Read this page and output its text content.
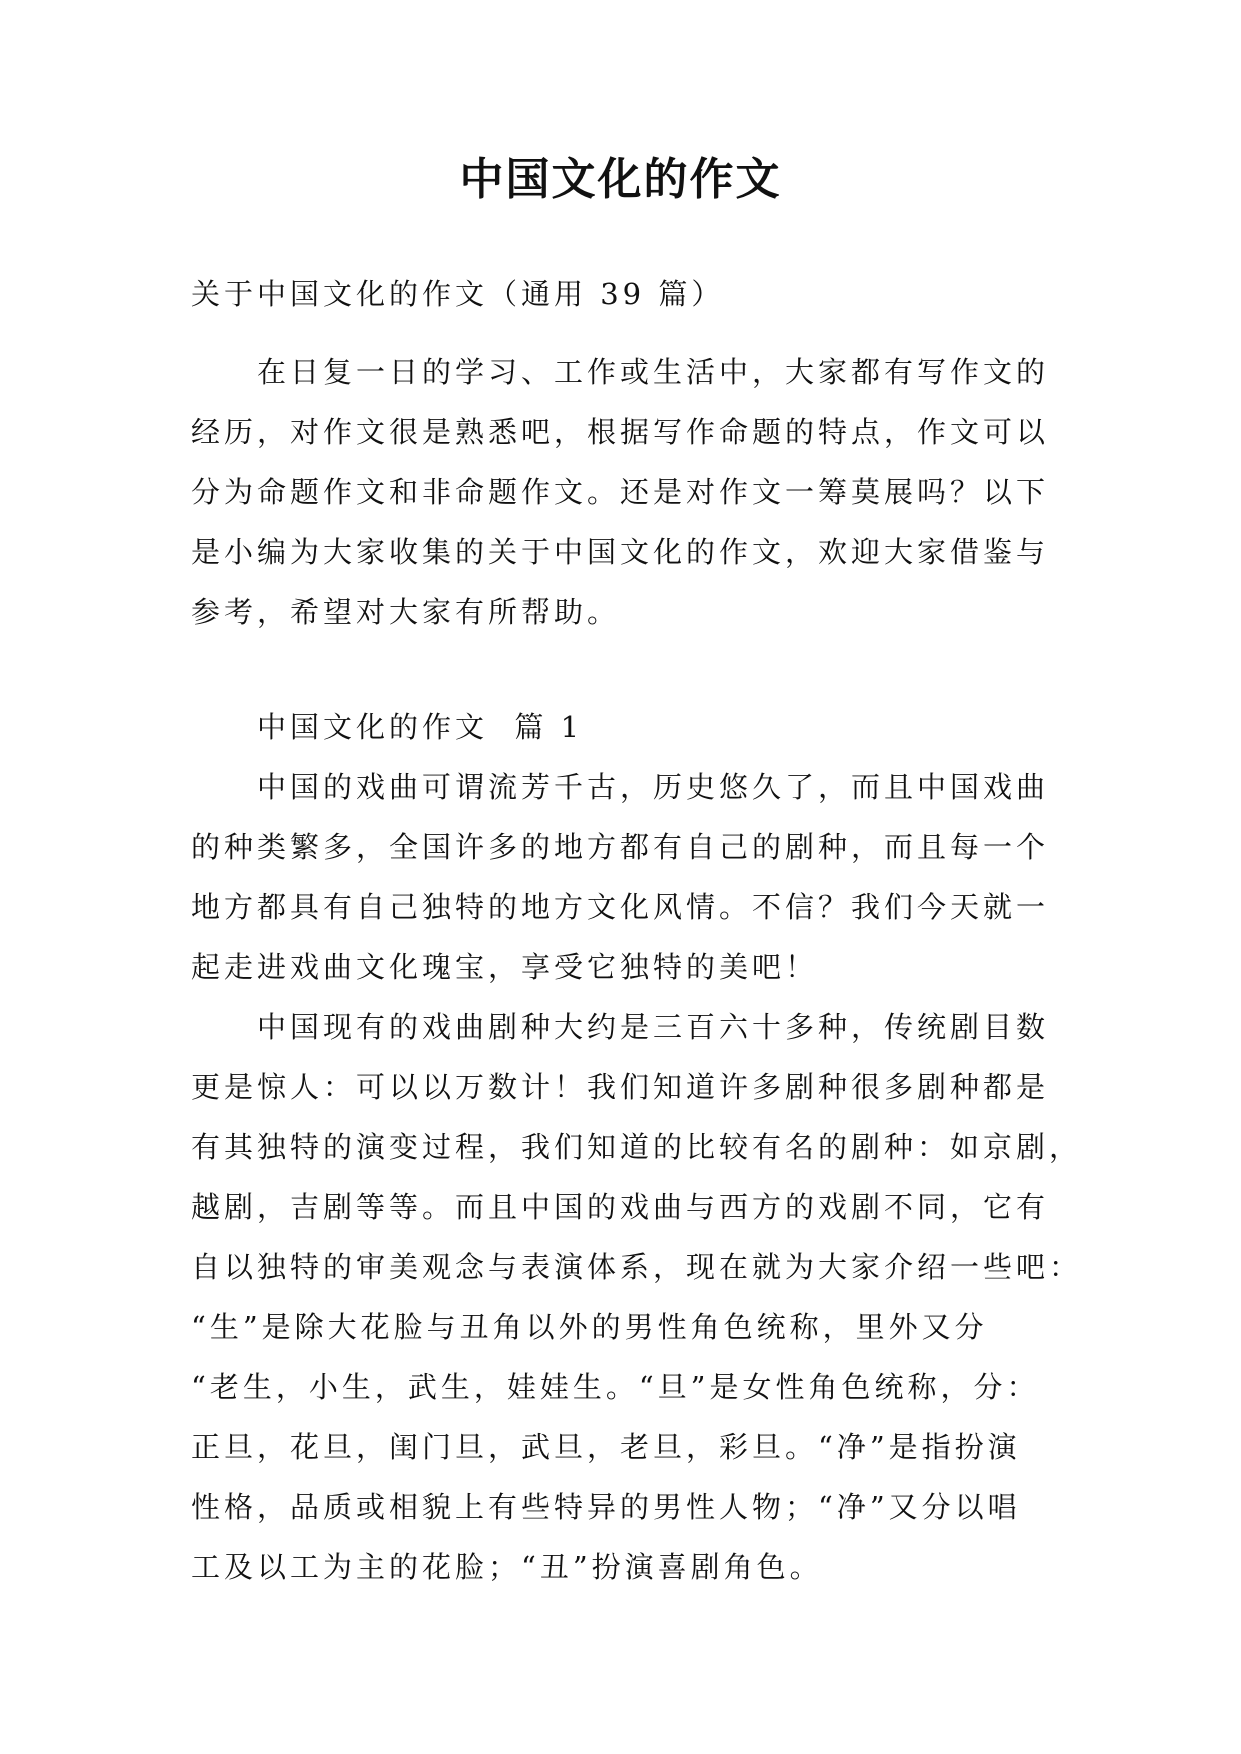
中国文化的作文
关于中国文化的作文（通用 39 篇）
在日复一日的学习、工作或生活中，大家都有写作文的
经历，对作文很是熟悉吧，根据写作命题的特点，作文可以
分为命题作文和非命题作文。还是对作文一筹莫展吗？以下
是小编为大家收集的关于中国文化的作文，欢迎大家借鉴与
参考，希望对大家有所帮助。
中国文化的作文  篇 1
中国的戏曲可谓流芳千古，历史悠久了，而且中国戏曲
的种类繁多，全国许多的地方都有自己的剧种，而且每一个
地方都具有自己独特的地方文化风情。不信？我们今天就一
起走进戏曲文化瑰宝，享受它独特的美吧！
中国现有的戏曲剧种大约是三百六十多种，传统剧目数
更是惊人：可以以万数计！我们知道许多剧种很多剧种都是
有其独特的演变过程，我们知道的比较有名的剧种：如京剧，
越剧，吉剧等等。而且中国的戏曲与西方的戏剧不同，它有
自以独特的审美观念与表演体系，现在就为大家介绍一些吧：
“生”是除大花脸与丑角以外的男性角色统称，里外又分
“老生，小生，武生，娃娃生。“旦”是女性角色统称，分：
正旦，花旦，闺门旦，武旦，老旦，彩旦。“净”是指扮演
性格，品质或相貌上有些特异的男性人物；“净”又分以唱
工及以工为主的花脸；“丑”扮演喜剧角色。
